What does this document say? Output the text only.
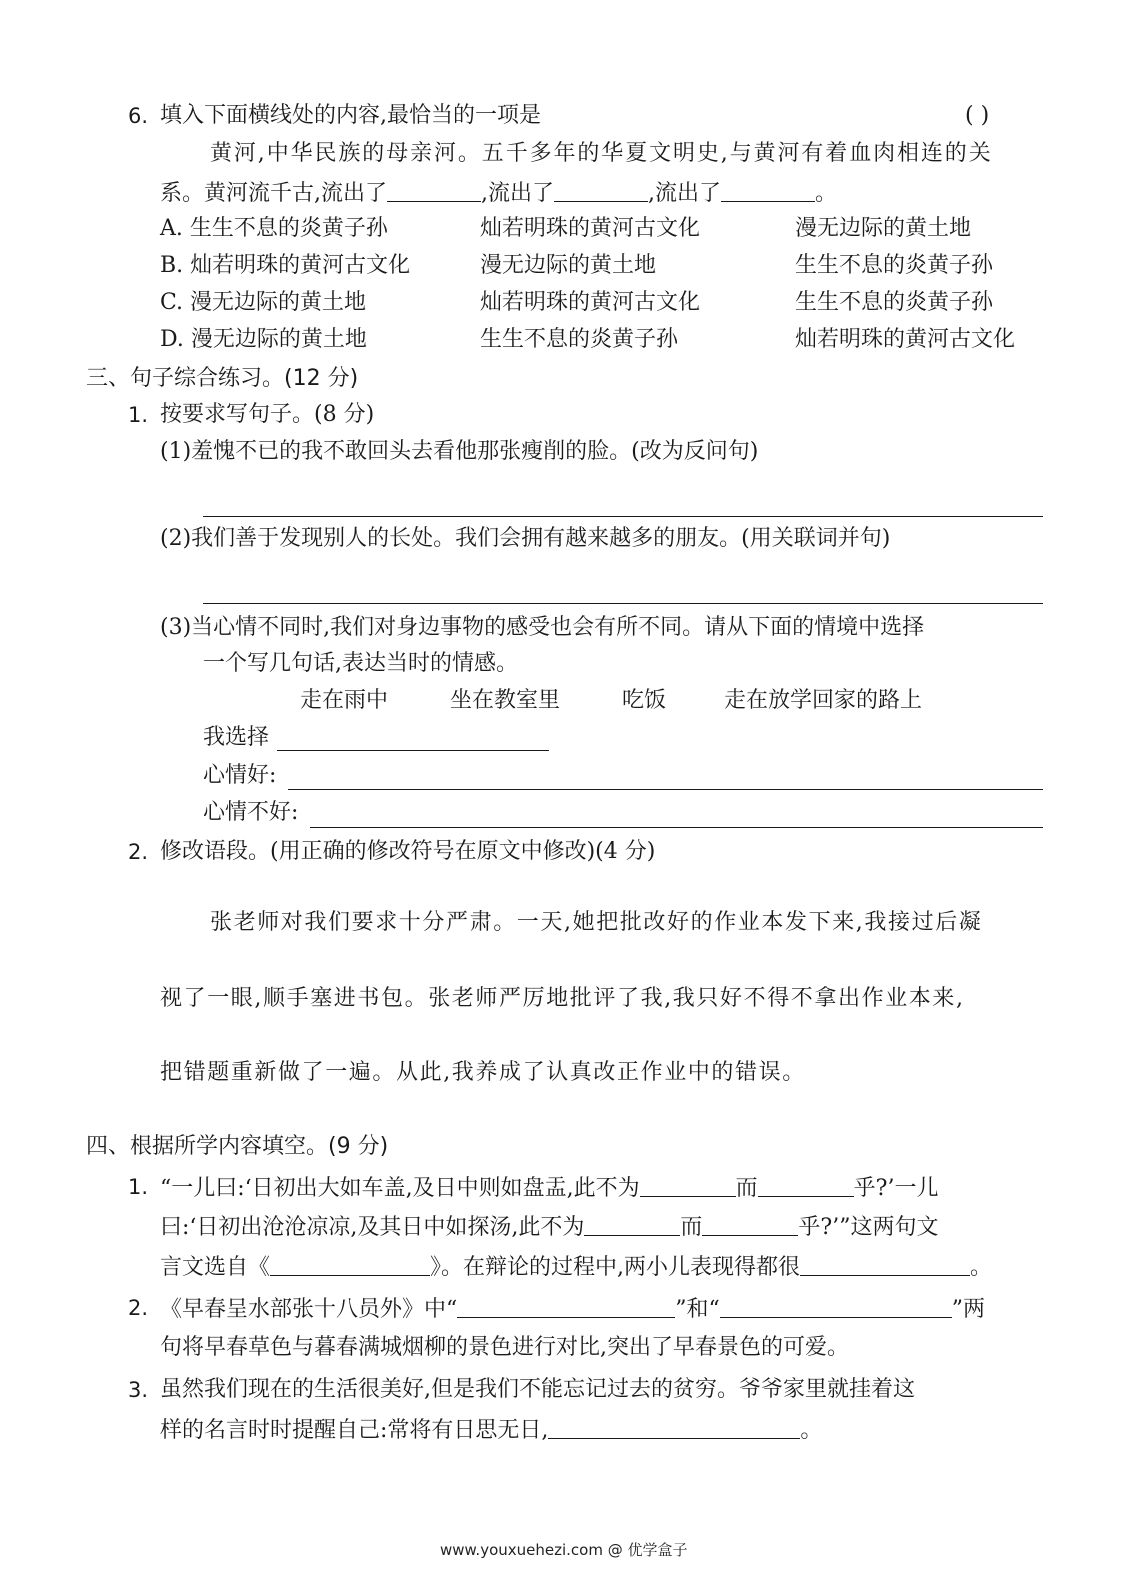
6. 填入下面横线处的内容,最恰当的一项是	( )
黄河,中华民族的母亲河。五千多年的华夏文明史,与黄河有着血肉相连的关
系。黄河流千古,流出了	,流出了	,流出了	。
A. 生生不息的炎黄子孙	灿若明珠的黄河古文化	漫无边际的黄土地
B. 灿若明珠的黄河古文化	漫无边际的黄土地	生生不息的炎黄子孙
C. 漫无边际的黄土地	灿若明珠的黄河古文化	生生不息的炎黄子孙
D. 漫无边际的黄土地	生生不息的炎黄子孙	灿若明珠的黄河古文化
三、句子综合练习。(12 分)
1. 按要求写句子。(8 分)
(1)羞愧不已的我不敢回头去看他那张瘦削的脸。(改为反问句)
(2)我们善于发现别人的长处。我们会拥有越来越多的朋友。(用关联词并句)
(3)当心情不同时,我们对身边事物的感受也会有所不同。请从下面的情境中选择
一个写几句话,表达当时的情感。
走在雨中	坐在教室里	吃饭	走在放学回家的路上
我选择
心情好:
心情不好:
2. 修改语段。(用正确的修改符号在原文中修改)(4 分)
张老师对我们要求十分严肃。一天,她把批改好的作业本发下来,我接过后凝
视了一眼,顺手塞进书包。张老师严厉地批评了我,我只好不得不拿出作业本来,
把错题重新做了一遍。从此,我养成了认真改正作业中的错误。
四、根据所学内容填空。(9 分)
1. “一儿曰:‘日初出大如车盖,及日中则如盘盂,此不为	而	乎?’一儿
曰:‘日初出沧沧凉凉,及其日中如探汤,此不为	而	乎?’”这两句文
言文选自《	》。在辩论的过程中,两小儿表现得都很	。
2. 《早春呈水部张十八员外》中“	”和“	”两
句将早春草色与暮春满城烟柳的景色进行对比,突出了早春景色的可爱。
3. 虽然我们现在的生活很美好,但是我们不能忘记过去的贫穷。爷爷家里就挂着这
样的名言时时提醒自己:常将有日思无日,	。
www.youxuehezi.com @ 优学盒子
